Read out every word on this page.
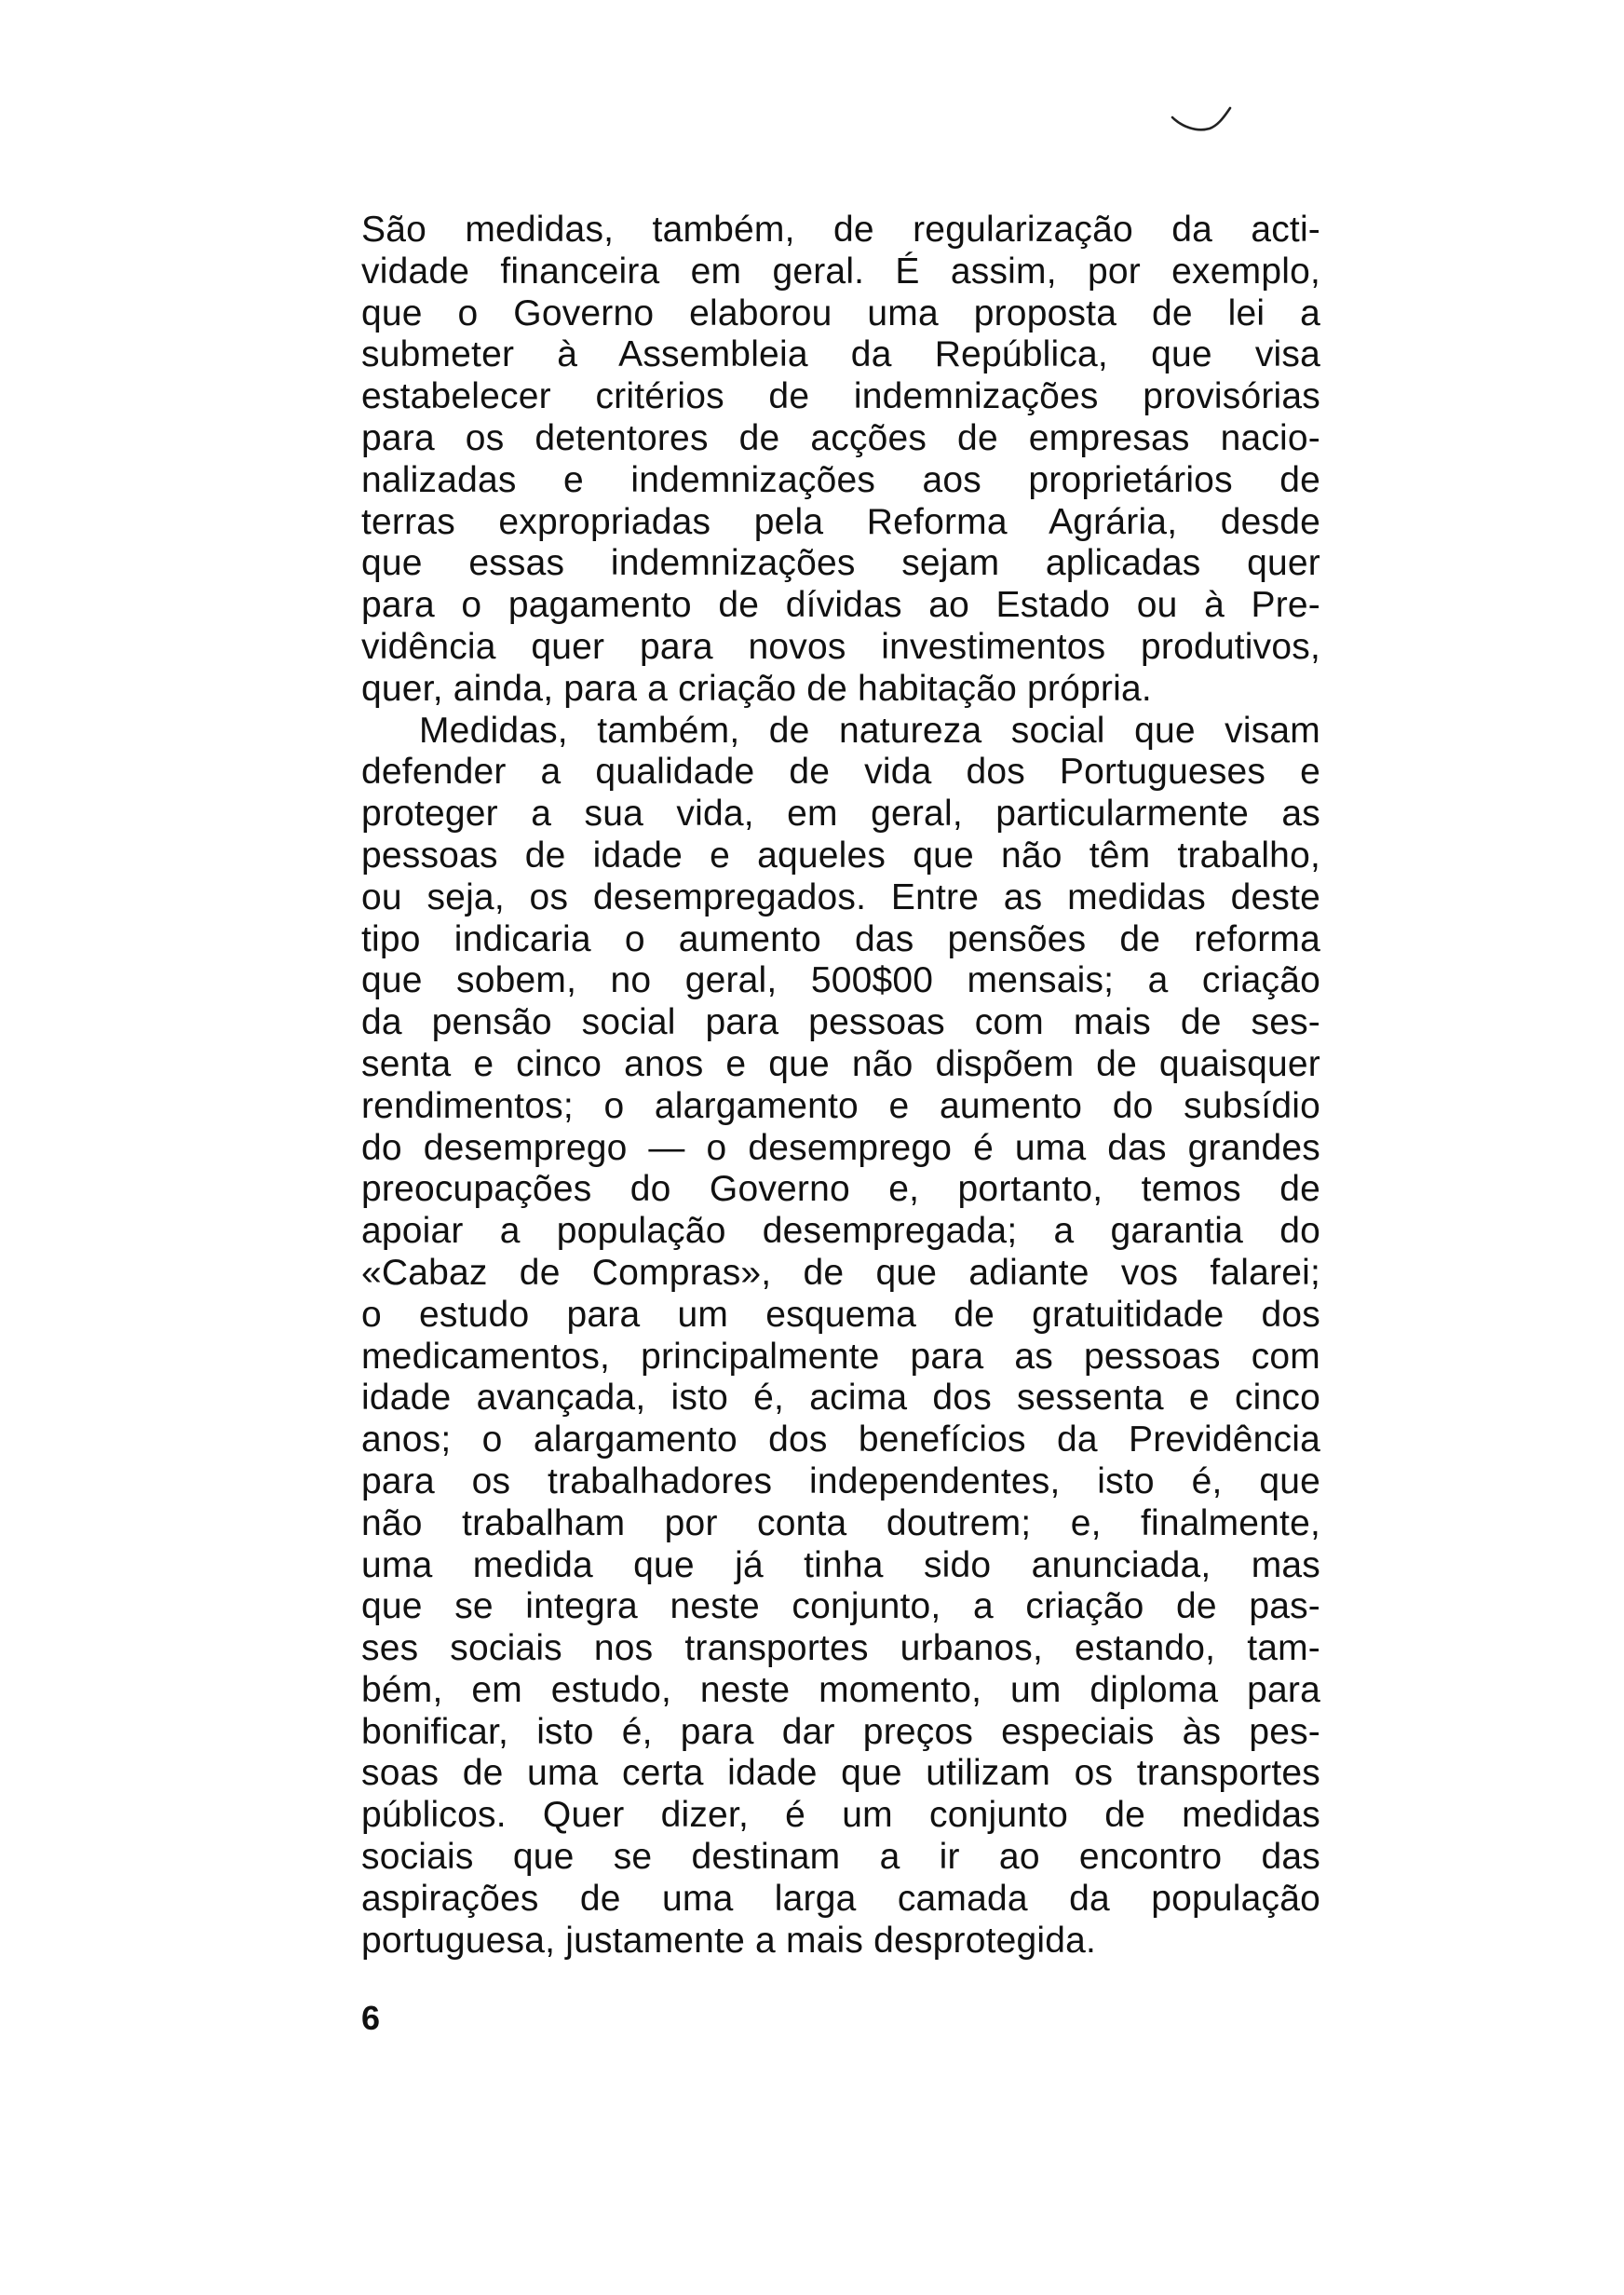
São medidas, também, de regularização da acti-
vidade financeira em geral. É assim, por exemplo,
que o Governo elaborou uma proposta de lei a
submeter à Assembleia da República, que visa
estabelecer critérios de indemnizações provisórias
para os detentores de acções de empresas nacio-
nalizadas e indemnizações aos proprietários de
terras expropriadas pela Reforma Agrária, desde
que essas indemnizações sejam aplicadas quer
para o pagamento de dívidas ao Estado ou à Pre-
vidência quer para novos investimentos produtivos,
quer, ainda, para a criação de habitação própria.
Medidas, também, de natureza social que visam
defender a qualidade de vida dos Portugueses e
proteger a sua vida, em geral, particularmente as
pessoas de idade e aqueles que não têm trabalho,
ou seja, os desempregados. Entre as medidas deste
tipo indicaria o aumento das pensões de reforma
que sobem, no geral, 500$00 mensais; a criação
da pensão social para pessoas com mais de ses-
senta e cinco anos e que não dispõem de quaisquer
rendimentos; o alargamento e aumento do subsídio
do desemprego — o desemprego é uma das grandes
preocupações do Governo e, portanto, temos de
apoiar a população desempregada; a garantia do
«Cabaz de Compras», de que adiante vos falarei;
o estudo para um esquema de gratuitidade dos
medicamentos, principalmente para as pessoas com
idade avançada, isto é, acima dos sessenta e cinco
anos; o alargamento dos benefícios da Previdência
para os trabalhadores independentes, isto é, que
não trabalham por conta doutrem; e, finalmente,
uma medida que já tinha sido anunciada, mas
que se integra neste conjunto, a criação de pas-
ses sociais nos transportes urbanos, estando, tam-
bém, em estudo, neste momento, um diploma para
bonificar, isto é, para dar preços especiais às pes-
soas de uma certa idade que utilizam os transportes
públicos. Quer dizer, é um conjunto de medidas
sociais que se destinam a ir ao encontro das
aspirações de uma larga camada da população
portuguesa, justamente a mais desprotegida.
6
